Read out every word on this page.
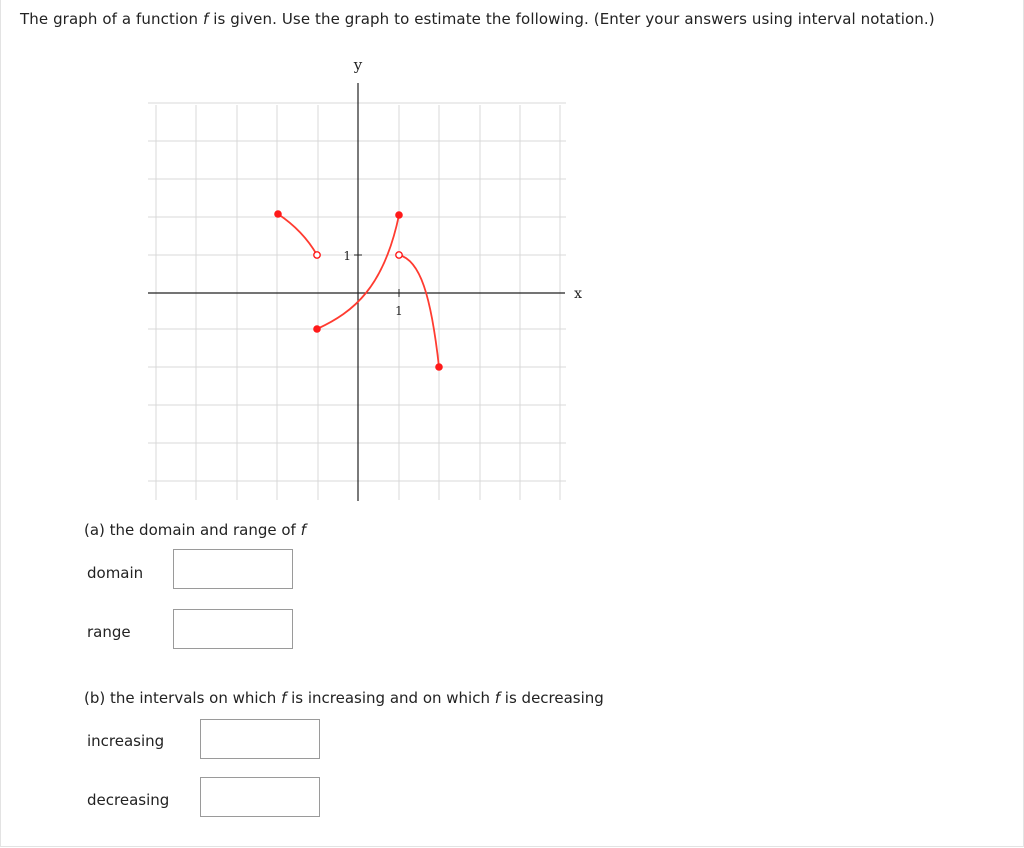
The graph of a function f is given. Use the graph to estimate the following. (Enter your answers using interval notation.)
y
x
1
1
(a) the domain and range of f
domain
range
(b) the intervals on which f is increasing and on which f is decreasing
increasing
decreasing
